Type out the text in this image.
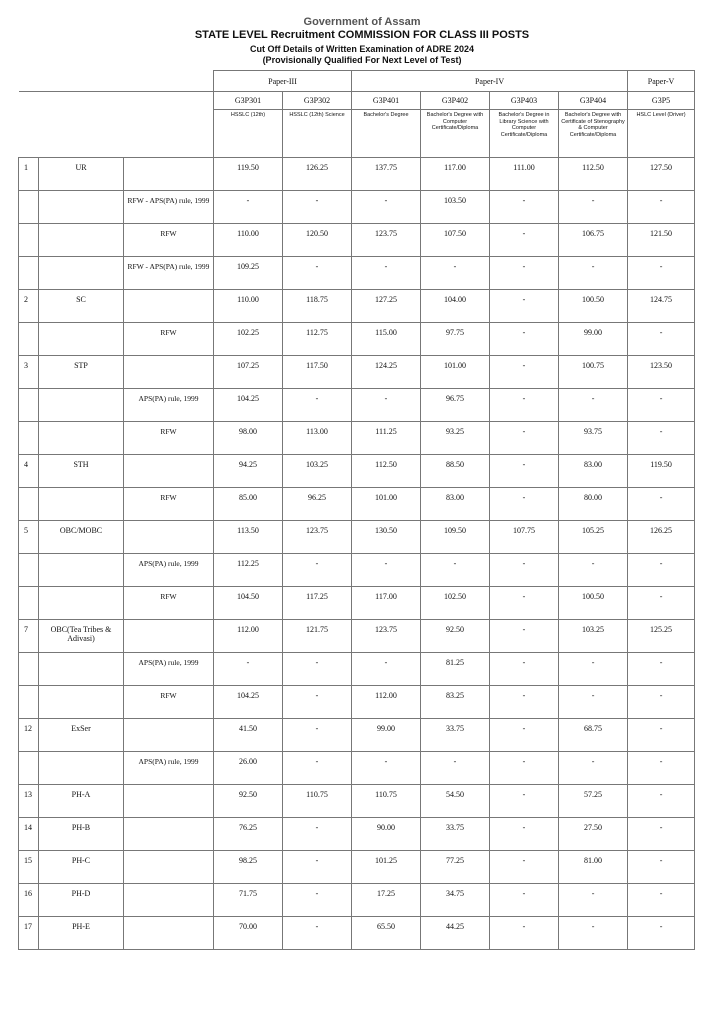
Government of Assam
STATE LEVEL Recruitment COMMISSION FOR CLASS III POSTS
Cut Off Details of Written Examination of ADRE 2024
(Provisionally Qualified For Next Level of Test)
			Paper-III		Paper-IV				Paper-V
			G3P301	G3P302	G3P401	G3P402	G3P403	G3P404	G3P5
			HSSLC (12th)	HSSLC (12th) Science	Bachelor's Degree	Bachelor's Degree with Computer Certificate/Diploma	Bachelor's Degree in Library Science with Computer Certificate/Diploma	Bachelor's Degree with Certificate of Stenography & Computer Certificate/Diploma	HSLC Level (Driver)
1	UR		119.50	126.25	137.75	117.00	111.00	112.50	127.50
		RFW - APS(PA) rule, 1999	-	-	-	103.50	-	-	-
		RFW	110.00	120.50	123.75	107.50	-	106.75	121.50
		RFW - APS(PA) rule, 1999	109.25	-	-	-	-	-	-
2	SC		110.00	118.75	127.25	104.00	-	100.50	124.75
		RFW	102.25	112.75	115.00	97.75	-	99.00	-
3	STP		107.25	117.50	124.25	101.00	-	100.75	123.50
		APS(PA) rule, 1999	104.25	-	-	96.75	-	-	-
		RFW	98.00	113.00	111.25	93.25	-	93.75	-
4	STH		94.25	103.25	112.50	88.50	-	83.00	119.50
		RFW	85.00	96.25	101.00	83.00	-	80.00	-
5	OBC/MOBC		113.50	123.75	130.50	109.50	107.75	105.25	126.25
		APS(PA) rule, 1999	112.25	-	-	-	-	-	-
		RFW	104.50	117.25	117.00	102.50	-	100.50	-
7	OBC(Tea Tribes & Adivasi)		112.00	121.75	123.75	92.50	-	103.25	125.25
		APS(PA) rule, 1999	-	-	-	81.25	-	-	-
		RFW	104.25	-	112.00	83.25	-	-	-
12	ExSer		41.50	-	99.00	33.75	-	68.75	-
		APS(PA) rule, 1999	26.00	-	-	-	-	-	-
13	PH-A		92.50	110.75	110.75	54.50	-	57.25	-
14	PH-B		76.25	-	90.00	33.75	-	27.50	-
15	PH-C		98.25	-	101.25	77.25	-	81.00	-
16	PH-D		71.75	-	17.25	34.75	-	-	-
17	PH-E		70.00	-	65.50	44.25	-	-	-
